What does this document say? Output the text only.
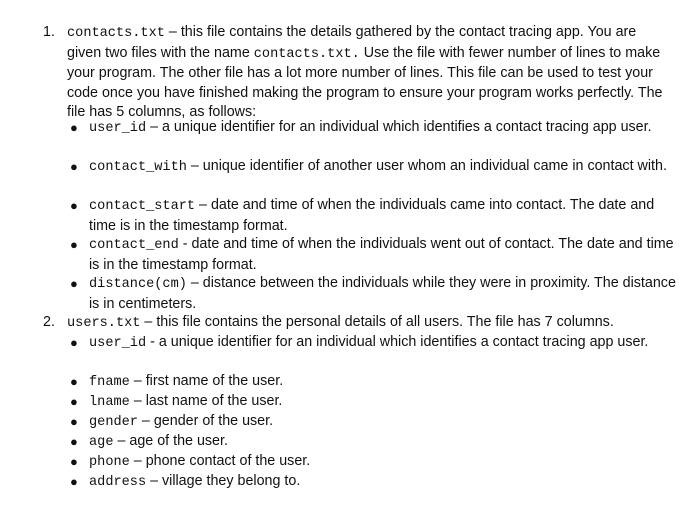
1. contacts.txt – this file contains the details gathered by the contact tracing app. You are given two files with the name contacts.txt. Use the file with fewer number of lines to make your program. The other file has a lot more number of lines. This file can be used to test your code once you have finished making the program to ensure your program works perfectly. The file has 5 columns, as follows:
● user_id – a unique identifier for an individual which identifies a contact tracing app user.
● contact_with – unique identifier of another user whom an individual came in contact with.
● contact_start – date and time of when the individuals came into contact. The date and time is in the timestamp format.
● contact_end - date and time of when the individuals went out of contact. The date and time is in the timestamp format.
● distance(cm) – distance between the individuals while they were in proximity. The distance is in centimeters.
2. users.txt – this file contains the personal details of all users. The file has 7 columns.
● user_id - a unique identifier for an individual which identifies a contact tracing app user.
● fname – first name of the user.
● lname – last name of the user.
● gender – gender of the user.
● age – age of the user.
● phone – phone contact of the user.
● address – village they belong to.
